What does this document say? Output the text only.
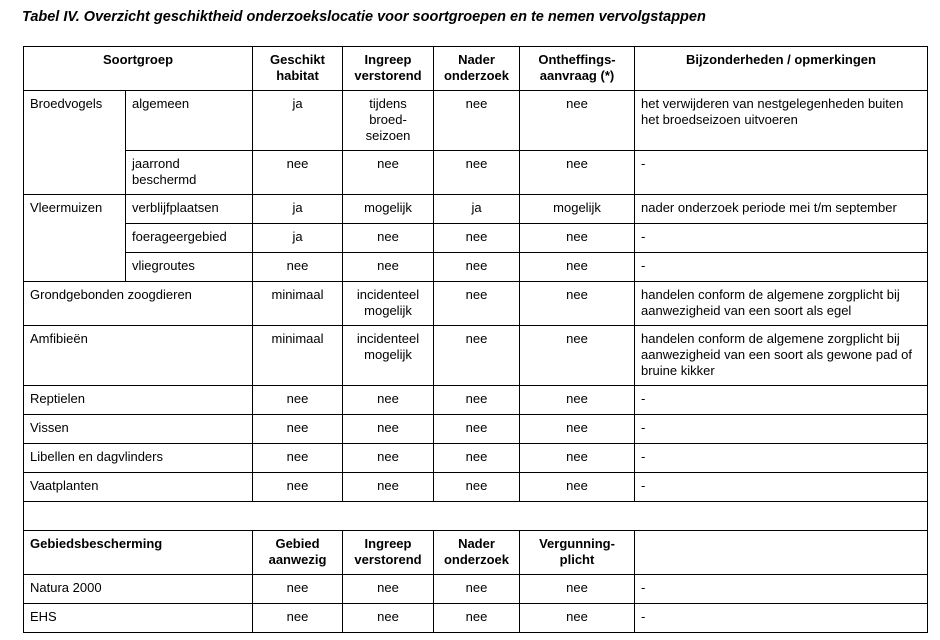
Tabel IV. Overzicht geschiktheid onderzoekslocatie voor soortgroepen en te nemen vervolgstappen
Soortgroep		Geschikt habitat	Ingreep verstorend	Nader onderzoek	Ontheffings-aanvraag (*)	Bijzonderheden / opmerkingen
Broedvogels	algemeen	ja	tijdens broed-seizoen	nee	nee	het verwijderen van nestgelegenheden buiten het broedseizoen uitvoeren
	jaarrond beschermd	nee	nee	nee	nee	-
Vleermuizen	verblijfplaatsen	ja	mogelijk	ja	mogelijk	nader onderzoek periode mei t/m september
	foerageergebied	ja	nee	nee	nee	-
	vliegroutes	nee	nee	nee	nee	-
Grondgebonden zoogdieren		minimaal	incidenteel mogelijk	nee	nee	handelen conform de algemene zorgplicht bij aanwezigheid van een soort als egel
Amfibieën		minimaal	incidenteel mogelijk	nee	nee	handelen conform de algemene zorgplicht bij aanwezigheid van een soort als gewone pad of bruine kikker
Reptielen		nee	nee	nee	nee	-
Vissen		nee	nee	nee	nee	-
Libellen en dagvlinders		nee	nee	nee	nee	-
Vaatplanten		nee	nee	nee	nee	-

Gebiedsbescherming		Gebied aanwezig	Ingreep verstorend	Nader onderzoek	Vergunning-plicht	
Natura 2000		nee	nee	nee	nee	-
EHS		nee	nee	nee	nee	-
